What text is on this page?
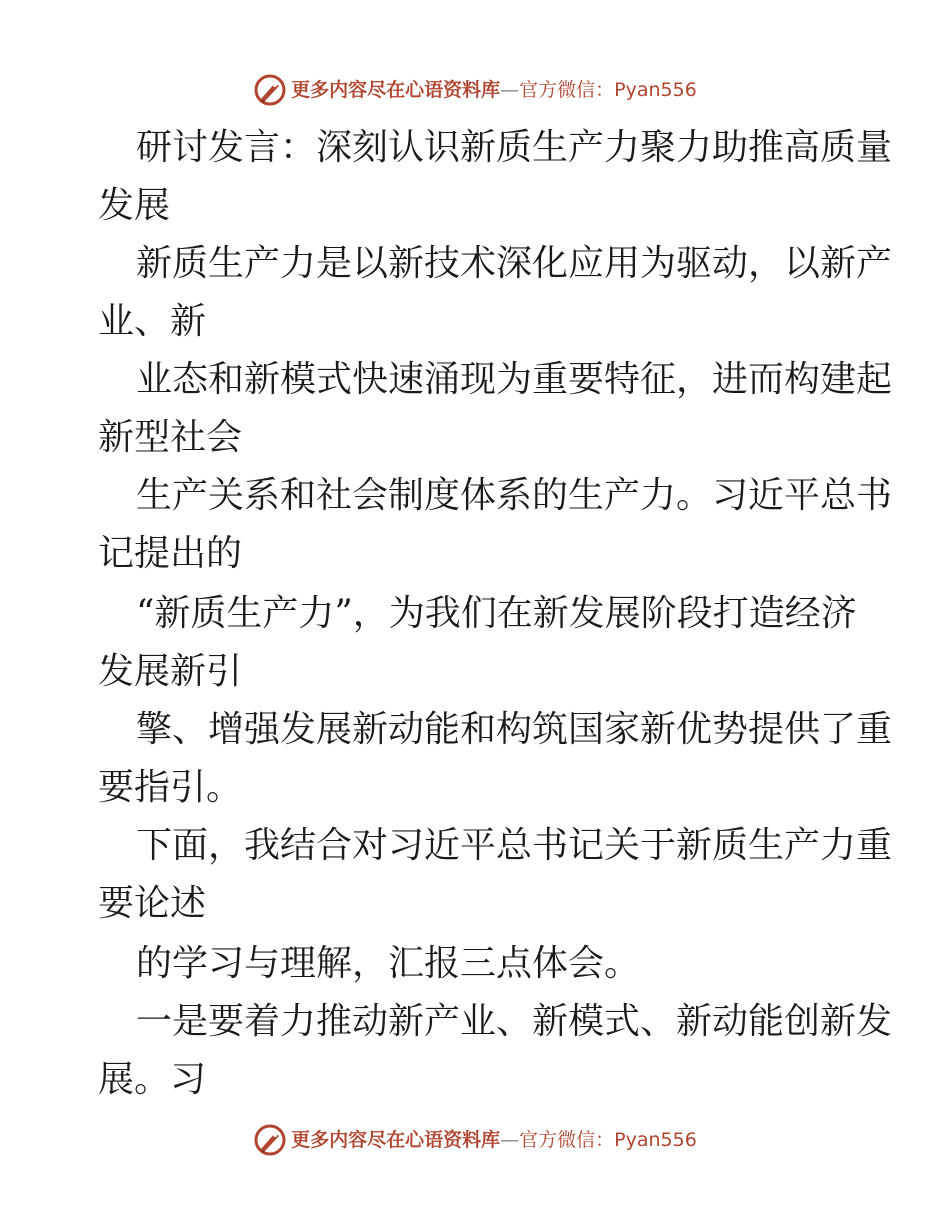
更多内容尽在心语资料库—官方微信：Pyan556

研讨发言：深刻认识新质生产力聚力助推高质量

发展

新质生产力是以新技术深化应用为驱动，以新产

业、新

业态和新模式快速涌现为重要特征，进而构建起

新型社会

生产关系和社会制度体系的生产力。习近平总书

记提出的

“新质生产力”，为我们在新发展阶段打造经济

发展新引

擎、增强发展新动能和构筑国家新优势提供了重

要指引。

下面，我结合对习近平总书记关于新质生产力重

要论述

的学习与理解，汇报三点体会。

一是要着力推动新产业、新模式、新动能创新发

展。习

更多内容尽在心语资料库—官方微信：Pyan556
